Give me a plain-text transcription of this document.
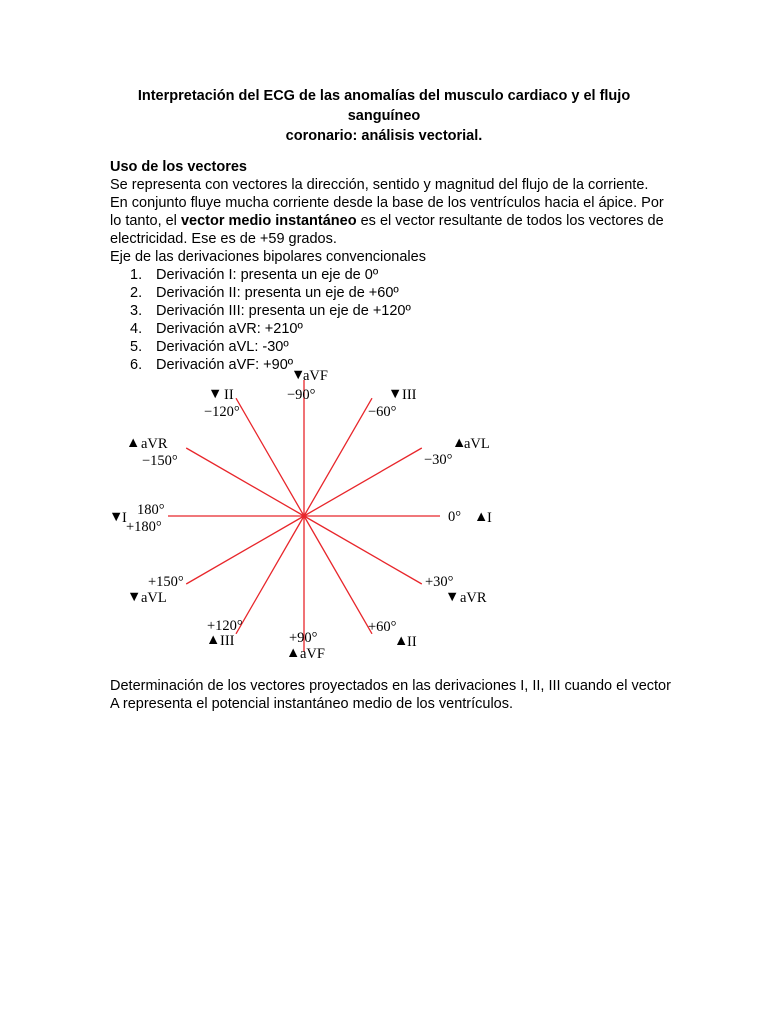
Interpretación del ECG de las anomalías del musculo cardiaco y el flujo sanguíneo
coronario: análisis vectorial.

Uso de los vectores

Se representa con vectores la dirección, sentido y magnitud del flujo de la corriente. En conjunto fluye mucha corriente desde la base de los ventrículos hacia el ápice. Por lo tanto, el vector medio instantáneo es el vector resultante de todos los vectores de electricidad. Ese es de +59 grados.

Eje de las derivaciones bipolares convencionales

1. Derivación I: presenta un eje de 0º
2. Derivación II: presenta un eje de +60º
3. Derivación III: presenta un eje de +120º
4. Derivación aVR: +210º
5. Derivación aVL: -30º
6. Derivación aVF: +90º
▼
aVF
−90°
▼ II
−120°
▼ III
−60°
▲ aVR
−150°
▲
aVL
−30°
0° ▲
I
▼
I 180°
+180°
+150°
▼ aVL
+30°
▼ aVR
+120°
▲ III
+60°
▲
II
+90°
▲ aVF
Determinación de los vectores proyectados en las derivaciones I, II, III cuando el vector A representa el potencial instantáneo medio de los ventrículos.
